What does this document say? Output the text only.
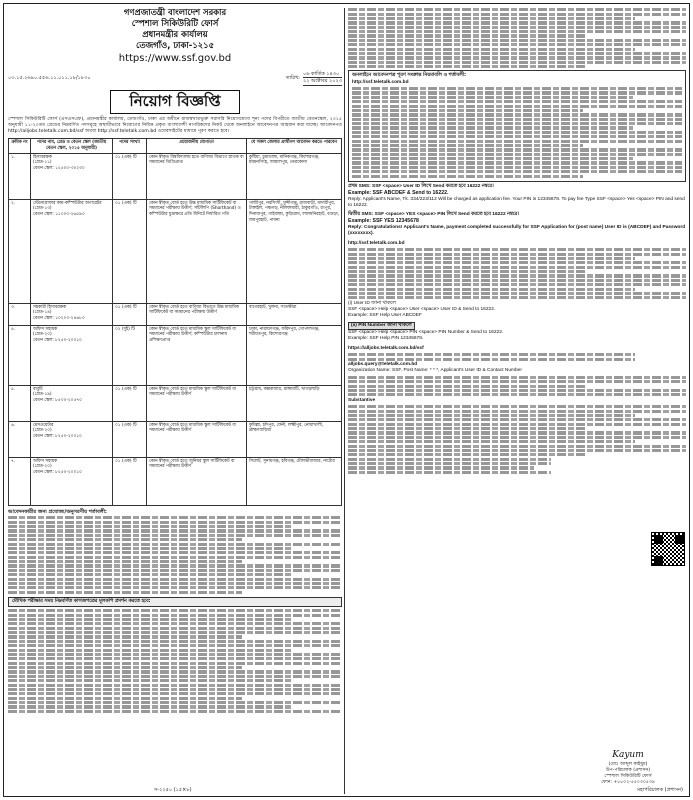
গণপ্রজাতন্ত্রী বাংলাদেশ সরকার
স্পেশাল সিকিউরিটি ফোর্স
প্রধানমন্ত্রীর কার্যালয়
তেজগাঁও, ঢাকা-১২১৫
https://www.ssf.gov.bd
০৩.১৫.২৬৯০.৫৫৬.১১.০১১.১৮/১৮৩০	তারিখ:
০৬ কার্তিক ১৪৩০
২২ অক্টোবর ২০২৩
নিয়োগ বিজ্ঞপ্তি

স্পেশাল সিকিউরিটি ফোর্স (এসএসএফ), প্রধানমন্ত্রীর কার্যালয়, তেজগাঁও, ঢাকা এর অধীনে রাজস্বখাতভুক্ত সরাসরি নিয়োগযোগ্য শূন্য পদের বিপরীতে জাতীয় বেতনস্কেল, ২০১৫ অনুযায়ী ১১-২০তম গ্রেডের নিম্নবর্ণিত পদসমূহে অস্থায়ীভাবে নিয়োগের নিমিত্ত প্রকৃত বাংলাদেশী নাগরিকদের নিকট থেকে অনলাইনে আবেদনপত্র আহবান করা যাচ্ছে। আবেদনপত্র http://alljobs.teletalk.com.bd/ssf অথবা http://ssf.teletalk.com.bd ওয়েবসাইটের মাধ্যমে পূরণ করতে হবে।

ক্রমিক নং	পদের নাম, গ্রেড ও বেতন স্কেল (জাতীয় বেতন স্কেল, ২০১৫ অনুযায়ী)	পদের সংখ্যা	প্রয়োজনীয় যোগ্যতা	যে সকল জেলার প্রার্থীগণ আবেদন করতে পারবেন
১.	হিসাবরক্ষক
(গ্রেড-১১)
বেতন স্কেল: ১২৫০০-৩০২৩০	০১ (এক) টি	কোন স্বীকৃত বিশ্ববিদ্যালয় হতে বাণিজ্য বিভাগে স্নাতক বা সমমানের ডিগ্রিপ্রাপ্ত	কুষ্টিয়া, চুয়াডাঙ্গা, মানিকগঞ্জ, কিশোরগঞ্জ, ময়মনসিংহ, জামালপুর, নেত্রকোনা
২.	স্টেনোগ্রাফার কাম-কম্পিউটার অপারেটর
(গ্রেড-১৩)
বেতন স্কেল: ১১০০০-২৬৫৯০	০১ (এক) টি	কোন স্বীকৃত বোর্ড হতে উচ্চ মাধ্যমিক সার্টিফিকেট বা সমমানের পরীক্ষায় উত্তীর্ণ; সাঁটলিপি (Shorthand) ও কম্পিউটার মুদ্রাক্ষরে প্রতি মিনিটে নির্ধারিত গতি	গাজীপুর, নরসিংদী, মুন্সীগঞ্জ, রাজবাড়ী, মাদারীপুর, টাঙ্গাইল, পঞ্চগড়, নীলফামারী, ঠাকুরগাঁও, রংপুর, দিনাজপুর, গাইবান্ধা, কুড়িগ্রাম, লালমনিরহাট, বগুড়া, জয়পুরহাট, পাবনা
৩.	সহকারী হিসাবরক্ষক
(গ্রেড-১৪)
বেতন স্কেল: ১০২০০-২৪৬৮০	০১ (এক) টি	কোন স্বীকৃত বোর্ড হতে বাণিজ্য বিভাগে উচ্চ মাধ্যমিক সার্টিফিকেট বা সমমানের পরীক্ষায় উত্তীর্ণ	বাগেরহাট, খুলনা, সাতক্ষীরা
৪.	অফিস সহায়ক
(গ্রেড-২০)
বেতন স্কেল: ৮২৫০-২০০১০	০২ (দুই) টি	কোন স্বীকৃত বোর্ড হতে মাধ্যমিক স্কুল সার্টিফিকেট বা সমমানের পরীক্ষায় উত্তীর্ণ; কম্পিউটার চালনায় প্রশিক্ষণপ্রাপ্ত	ঢাকা, নারায়ণগঞ্জ, ফরিদপুর, গোপালগঞ্জ, শরীয়তপুর, কিশোরগঞ্জ
৫.	বাবুর্চি
(গ্রেড-১৯)
বেতন স্কেল: ৮৫০০-২০৫৭০	০১ (এক) টি	কোন স্বীকৃত বোর্ড হতে মাধ্যমিক স্কুল সার্টিফিকেট বা সমমানের পরীক্ষায় উত্তীর্ণ	চট্টগ্রাম, কক্সবাজার, রাঙ্গামাটি, খাগড়াছড়ি
৬.	মেসওয়েটার
(গ্রেড-২০)
বেতন স্কেল: ৮২৫০-২০০১০	০১ (এক) টি	কোন স্বীকৃত বোর্ড হতে মাধ্যমিক স্কুল সার্টিফিকেট বা সমমানের পরীক্ষায় উত্তীর্ণ	কুমিল্লা, চাঁদপুর, ফেনী, লক্ষ্মীপুর, নোয়াখালী, ব্রাহ্মণবাড়িয়া
৭.	অফিস সহায়ক
(গ্রেড-২০)
বেতন স্কেল: ৮২৫০-২০০১০	০১ (এক) টি	কোন স্বীকৃত বোর্ড হতে জুনিয়র স্কুল সার্টিফিকেট বা সমমানের পরীক্ষায় উত্তীর্ণ	সিলেট, সুনামগঞ্জ, হবিগঞ্জ, মৌলভীবাজার, নাটোর
আবেদনকারীর জন্য প্রযোজ্য/অনুসরণীয় শর্তাবলী:
মৌখিক পরীক্ষার সময় নিম্নবর্ণিত কাগজপত্রের মূলকপি প্রদর্শন করতে হবে:
অনলাইনে আবেদনপত্র পূরণ সংক্রান্ত নিয়মাবলি ও শর্তাবলী:
http://ssf.teletalk.com.bd
প্রথম SMS: SSF <space> User ID লিখে Send করতে হবে 16222 নম্বরে।
Example: SSF ABCDEF & Send to 16222.
Reply: Applicant's Name, Tk. 334/223/112 Will be charged as application fee. Your PIN is 12345678. To pay fee Type SSF <space> Yes <space> PIN and send to 16222.
দ্বিতীয় SMS: SSF <space> YES <space> PIN লিখে Send করতে হবে 16222 নম্বরে।
Example: SSF YES 12345678
Reply: Congratulations! Applicant's Name, payment completed successfully for SSF Application for (post name) User ID is (ABCDEF) and Password (xxxxxxxx).
http://ssf.teletalk.com.bd
(i) User ID জানা থাকলে
SSF <space> Help <space> User <space> User ID & Send to 16222.
Example: SSF Help User ABCDEF
(ii) PIN Number জানা থাকলে
SSF <space> Help <space> PIN <space> PIN Number & Send to 16222.
Example: SSF Help PIN 12345678.
https://alljobs.teletalk.com.bd/ssf
alljobs.query@teletalk.com.bd
Organization Name: SSF, Post Name: * * *, Applicant's User ID & Contact Number
Substantive
Kayum
(মোঃ আব্দুল কাইয়ুম)
উপ-পরিচালক (প্রশাসন)
স্পেশাল সিকিউরিটি ফোর্স
ফোন: +৮৮০২-৫৫০৩০৫৩৯
স-২২৫০ (১৫×৮)	মহাপরিচালক (প্রশাসন)
